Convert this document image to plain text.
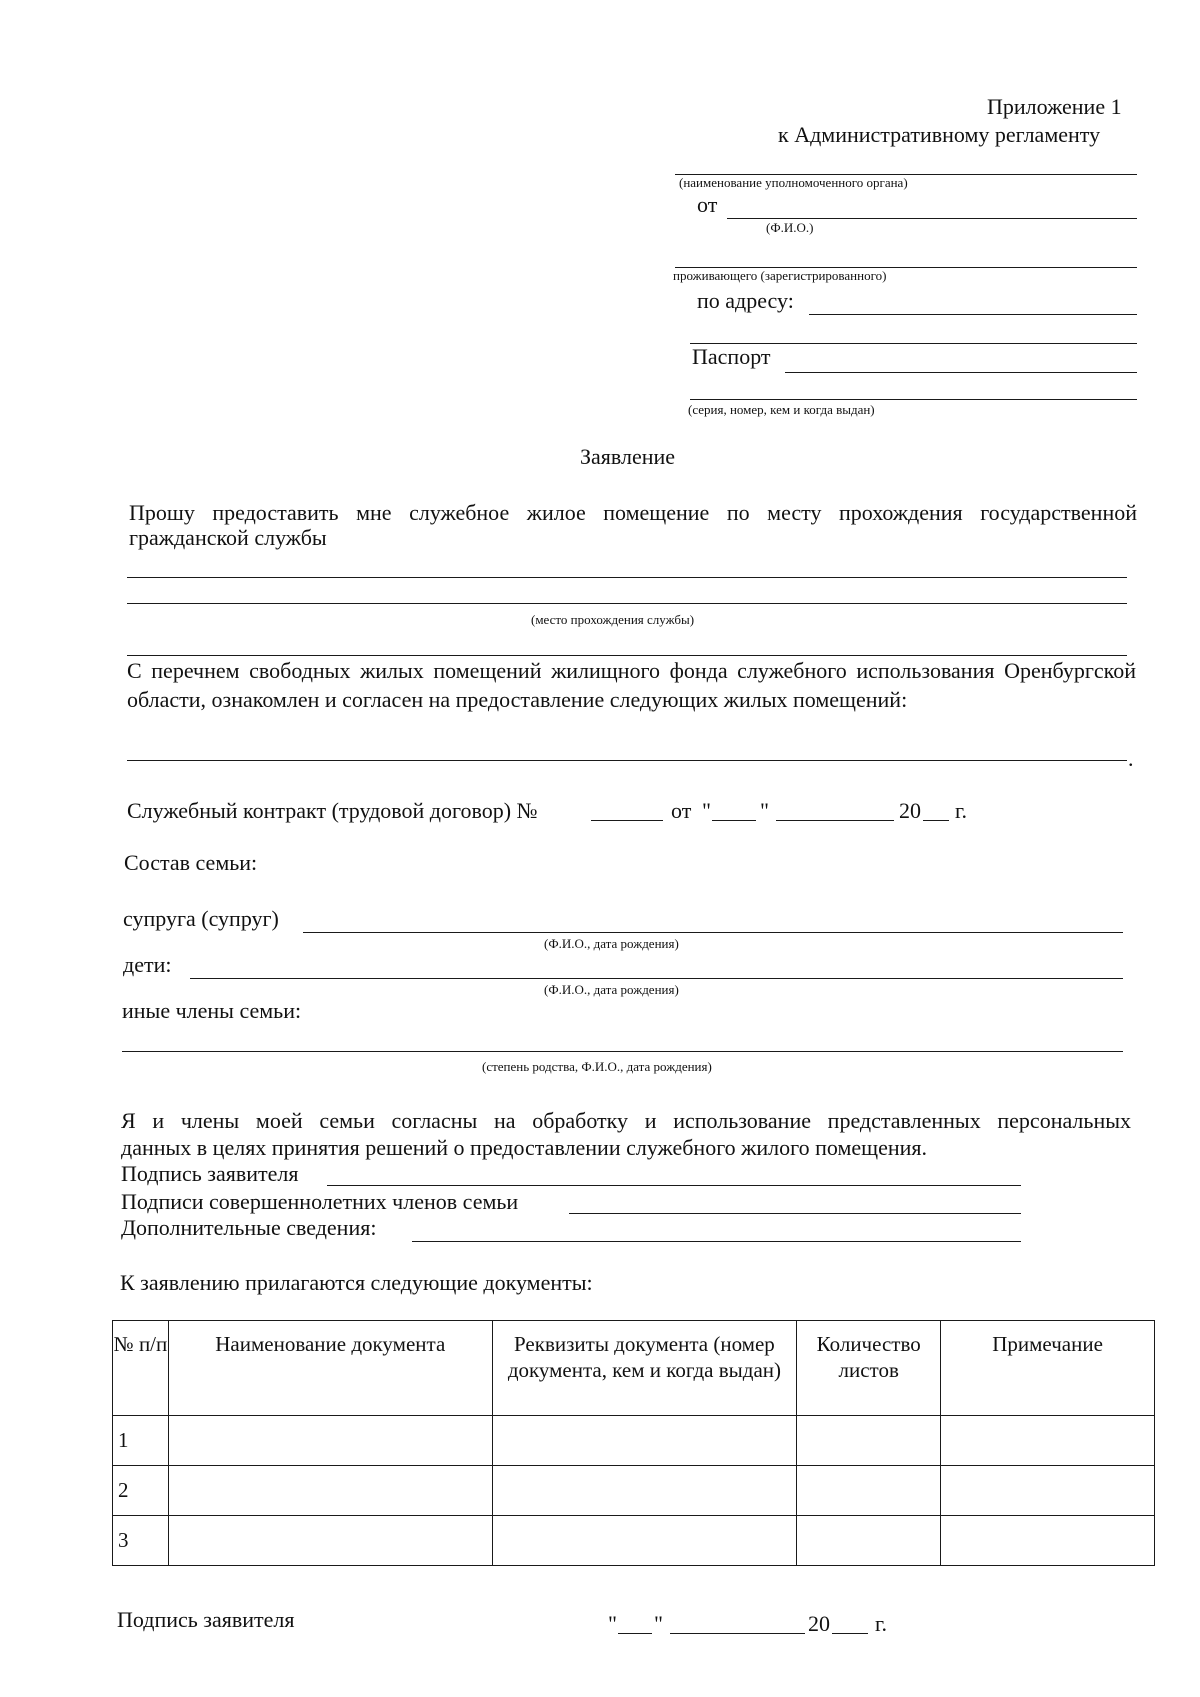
Приложение 1
к Административному регламенту
(наименование уполномоченного органа)
от
(Ф.И.О.)
проживающего (зарегистрированного)
по адресу:
Паспорт
(серия, номер, кем и когда выдан)
Заявление
Прошу предоставить мне служебное жилое помещение по месту прохождения государственной
гражданской службы
(место прохождения службы)
С перечнем свободных жилых помещений жилищного фонда служебного использования Оренбургской области, ознакомлен и согласен на предоставление следующих жилых помещений:
.
Служебный контракт (трудовой договор) №	от " "	20 г.
Состав семьи:
супруга (супруг)
(Ф.И.О., дата рождения)
дети:
(Ф.И.О., дата рождения)
иные члены семьи:
(степень родства, Ф.И.О., дата рождения)
Я и члены моей семьи согласны на обработку и использование представленных персональных
данных в целях принятия решений о предоставлении служебного жилого помещения.
Подпись заявителя
Подписи совершеннолетних членов семьи
Дополнительные сведения:
К заявлению прилагаются следующие документы:
№ п/п	Наименование документа	Реквизиты документа (номер документа, кем и когда выдан)	Количество листов	Примечание
1				
2				
3				
Подпись заявителя	" "	20 г.
